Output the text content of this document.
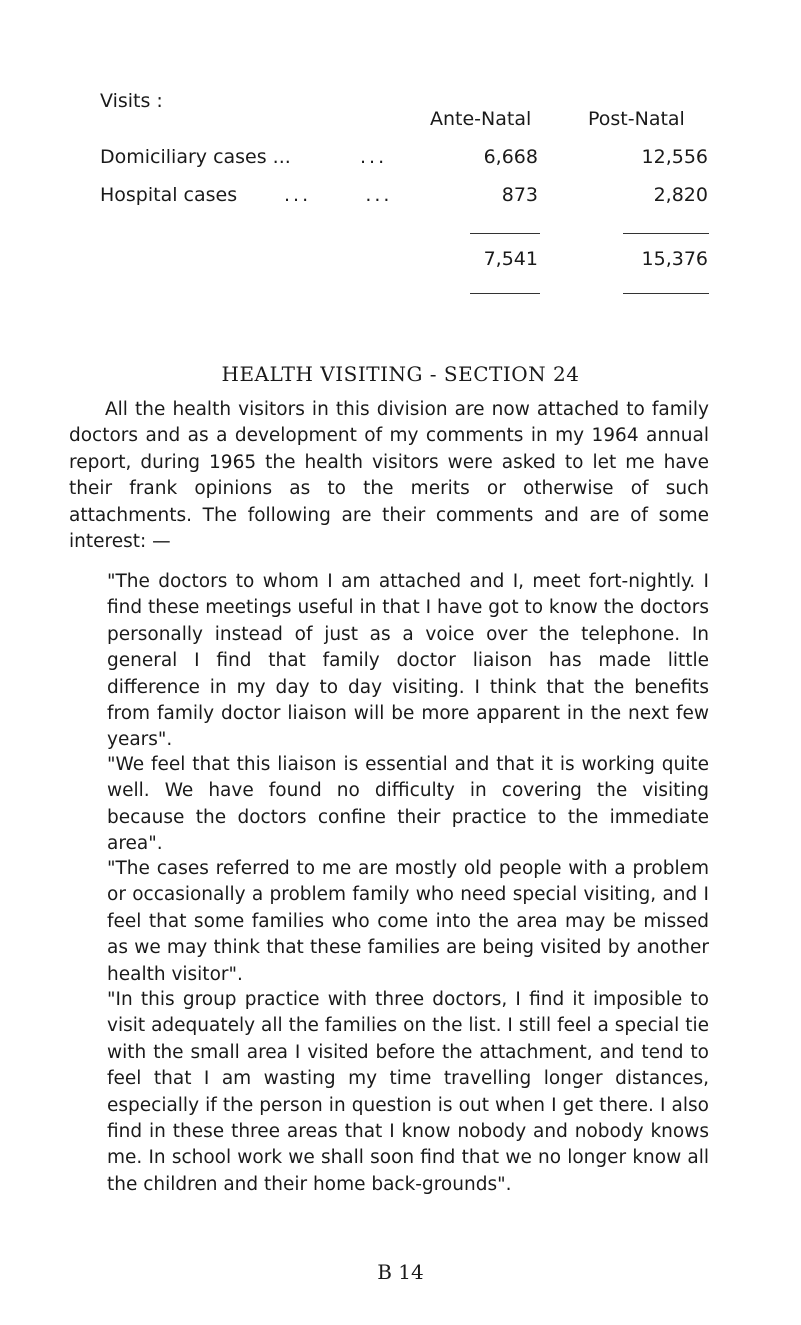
Visits :
Ante-Natal	Post-Natal
Domiciliary cases ...	...	6,668	12,556
Hospital cases ...      ...	873	2,820
7,541	15,376
HEALTH VISITING - SECTION 24

All the health visitors in this division are now attached to family doctors and as a development of my comments in my 1964 annual report, during 1965 the health visitors were asked to let me have their frank opinions as to the merits or otherwise of such attachments. The following are their comments and are of some interest: —

"The doctors to whom I am attached and I, meet fort-nightly. I find these meetings useful in that I have got to know the doctors personally instead of just as a voice over the telephone. In general I find that family doctor liaison has made little difference in my day to day visiting. I think that the benefits from family doctor liaison will be more apparent in the next few years".

"We feel that this liaison is essential and that it is working quite well. We have found no difficulty in covering the visiting because the doctors confine their practice to the immediate area".

"The cases referred to me are mostly old people with a problem or occasionally a problem family who need special visiting, and I feel that some families who come into the area may be missed as we may think that these families are being visited by another health visitor".

"In this group practice with three doctors, I find it imposible to visit adequately all the families on the list. I still feel a special tie with the small area I visited before the attachment, and tend to feel that I am wasting my time travelling longer distances, especially if the person in question is out when I get there. I also find in these three areas that I know nobody and nobody knows me. In school work we shall soon find that we no longer know all the children and their home back-grounds".

B 14
